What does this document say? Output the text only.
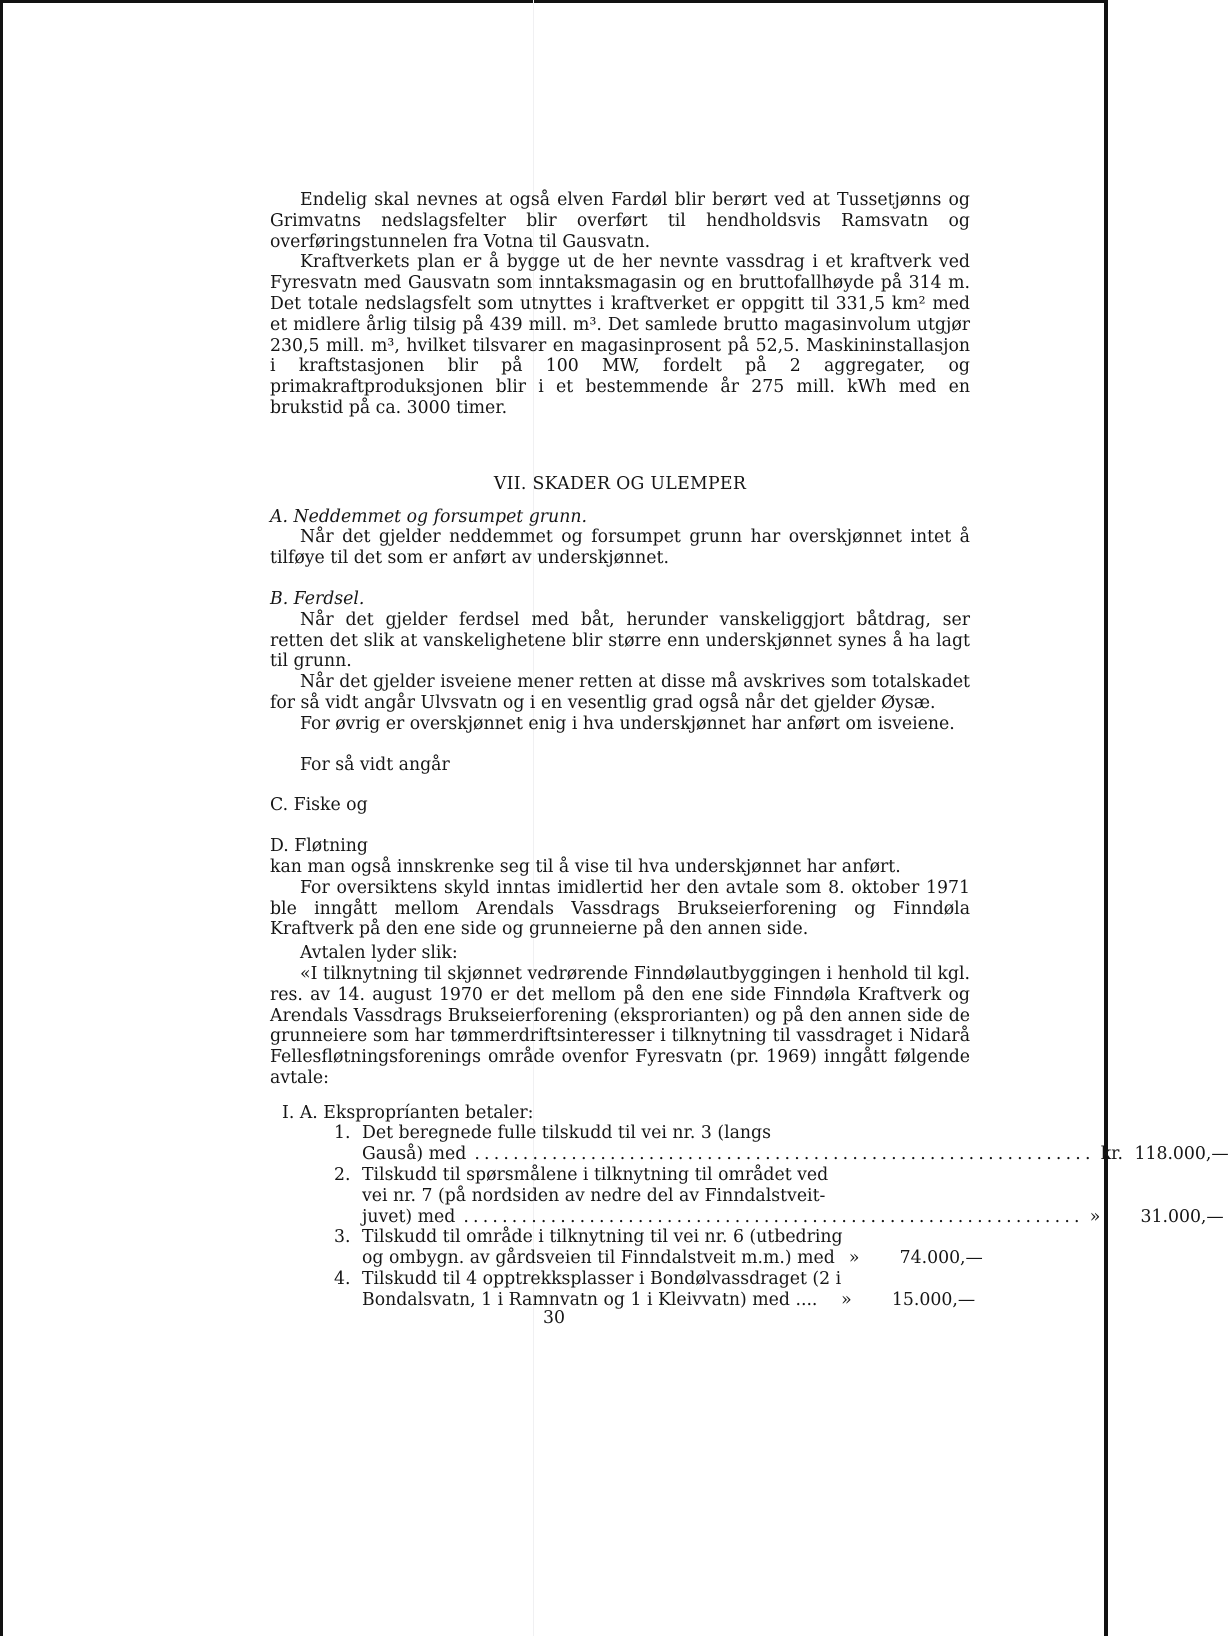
Endelig skal nevnes at også elven Fardøl blir berørt ved at Tussetjønns og Grimvatns nedslagsfelter blir overført til hendholdsvis Ramsvatn og overføringstunnelen fra Votna til Gausvatn.

Kraftverkets plan er å bygge ut de her nevnte vassdrag i et kraftverk ved Fyresvatn med Gausvatn som inntaksmagasin og en bruttofallhøyde på 314 m. Det totale nedslagsfelt som utnyttes i kraftverket er oppgitt til 331,5 km² med et midlere årlig tilsig på 439 mill. m³. Det samlede brutto magasinvolum utgjør 230,5 mill. m³, hvilket tilsvarer en magasinprosent på 52,5. Maskininstallasjon i kraftstasjonen blir på 100 MW, fordelt på 2 aggregater, og primakraftproduksjonen blir i et bestemmende år 275 mill. kWh med en brukstid på ca. 3000 timer.

VII. SKADER OG ULEMPER

A. Neddemmet og forsumpet grunn.

Når det gjelder neddemmet og forsumpet grunn har overskjønnet intet å tilføye til det som er anført av underskjønnet.

B. Ferdsel.

Når det gjelder ferdsel med båt, herunder vanskeliggjort båtdrag, ser retten det slik at vanskelighetene blir større enn underskjønnet synes å ha lagt til grunn.

Når det gjelder isveiene mener retten at disse må avskrives som totalskadet for så vidt angår Ulvsvatn og i en vesentlig grad også når det gjelder Øysæ.

For øvrig er overskjønnet enig i hva underskjønnet har anført om isveiene.

For så vidt angår

C. Fiske og

D. Fløtning

kan man også innskrenke seg til å vise til hva underskjønnet har anført.

For oversiktens skyld inntas imidlertid her den avtale som 8. oktober 1971 ble inngått mellom Arendals Vassdrags Brukseierforening og Finndøla Kraftverk på den ene side og grunneierne på den annen side.

Avtalen lyder slik:

«I tilknytning til skjønnet vedrørende Finndølautbyggingen i henhold til kgl. res. av 14. august 1970 er det mellom på den ene side Finndøla Kraftverk og Arendals Vassdrags Brukseierforening (eksprorianten) og på den annen side de grunneiere som har tømmerdriftsinteresser i tilknytning til vassdraget i Nidarå Fellesfløtningsforenings område ovenfor Fyresvatn (pr. 1969) inngått følgende avtale:

I. A. Ekspropríanten betaler:

1. Det beregnede fulle tilskudd til vei nr. 3 (langs
Gauså) med ................................................................ kr. 118.000,—
2. Tilskudd til spørsmålene i tilknytning til området ved
vei nr. 7 (på nordsiden av nedre del av Finndalstveit-
juvet) med ................................................................ »	31.000,—
3. Tilskudd til område i tilknytning til vei nr. 6 (utbedring
og ombygn. av gårdsveien til Finndalstveit m.m.) med »	74.000,—
4. Tilskudd til 4 opptrekksplasser i Bondølvassdraget (2 i
Bondalsvatn, 1 i Ramnvatn og 1 i Kleivvatn) med .... »	15.000,—
30
